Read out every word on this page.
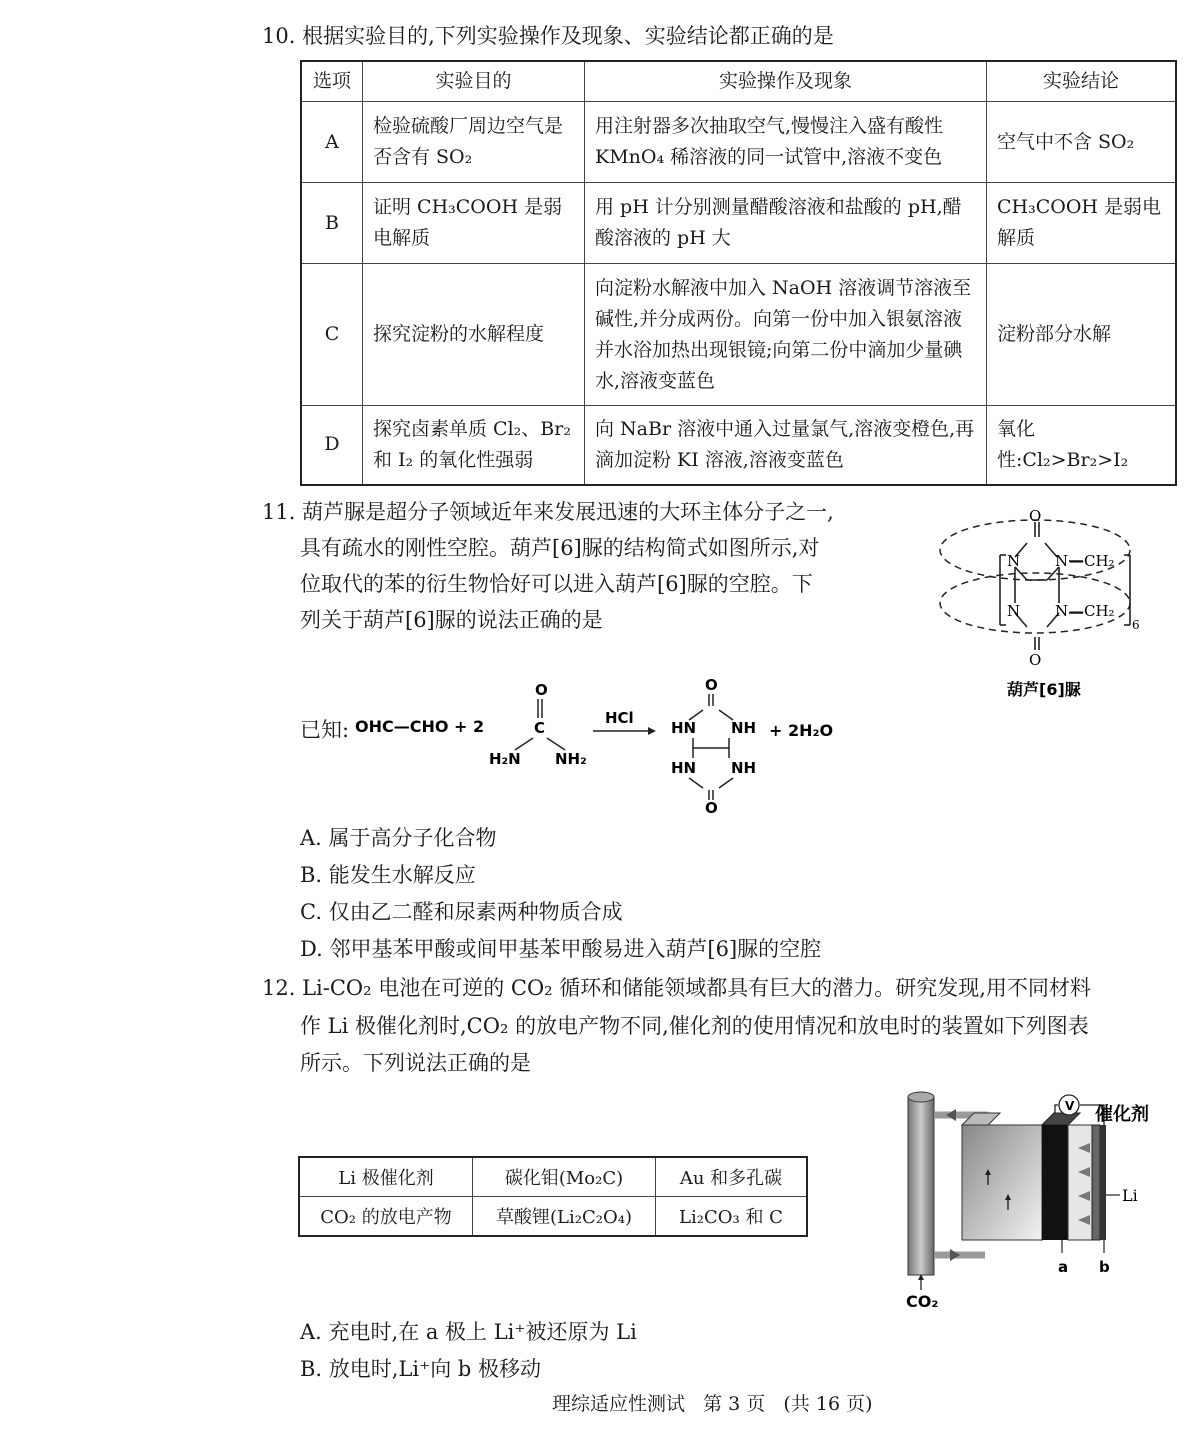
10. 根据实验目的,下列实验操作及现象、实验结论都正确的是
选项	实验目的	实验操作及现象	实验结论
A	检验硫酸厂周边空气是否含有 SO₂	用注射器多次抽取空气,慢慢注入盛有酸性 KMnO₄ 稀溶液的同一试管中,溶液不变色	空气中不含 SO₂
B	证明 CH₃COOH 是弱电解质	用 pH 计分别测量醋酸溶液和盐酸的 pH,醋酸溶液的 pH 大	CH₃COOH 是弱电解质
C	探究淀粉的水解程度	向淀粉水解液中加入 NaOH 溶液调节溶液至碱性,并分成两份。向第一份中加入银氨溶液并水浴加热出现银镜;向第二份中滴加少量碘水,溶液变蓝色	淀粉部分水解
D	探究卤素单质 Cl₂、Br₂ 和 I₂ 的氧化性强弱	向 NaBr 溶液中通入过量氯气,溶液变橙色,再滴加淀粉 KI 溶液,溶液变蓝色	氧化性:Cl₂>Br₂>I₂
11. 葫芦脲是超分子领域近年来发展迅速的大环主体分子之一,
具有疏水的刚性空腔。葫芦[6]脲的结构简式如图所示,对
位取代的苯的衍生物恰好可以进入葫芦[6]脲的空腔。下
列关于葫芦[6]脲的说法正确的是
O
N N —CH₂
N N —CH₂
6
O
葫芦[6]脲
已知: OHC—CHO + 2
O
C
H₂N NH₂
HCl
O
HN NH
HN NH
O
+ 2H₂O
A. 属于高分子化合物
B. 能发生水解反应
C. 仅由乙二醛和尿素两种物质合成
D. 邻甲基苯甲酸或间甲基苯甲酸易进入葫芦[6]脲的空腔
12. Li-CO₂ 电池在可逆的 CO₂ 循环和储能领域都具有巨大的潜力。研究发现,用不同材料
作 Li 极催化剂时,CO₂ 的放电产物不同,催化剂的使用情况和放电时的装置如下列图表
所示。下列说法正确的是
Li 极催化剂	碳化钼(Mo₂C)	Au 和多孔碳
CO₂ 的放电产物	草酸锂(Li₂C₂O₄)	Li₂CO₃ 和 C
V 催化剂
Li
a b
CO₂
A. 充电时,在 a 极上 Li⁺被还原为 Li
B. 放电时,Li⁺向 b 极移动
理综适应性测试   第 3 页   (共 16 页)
